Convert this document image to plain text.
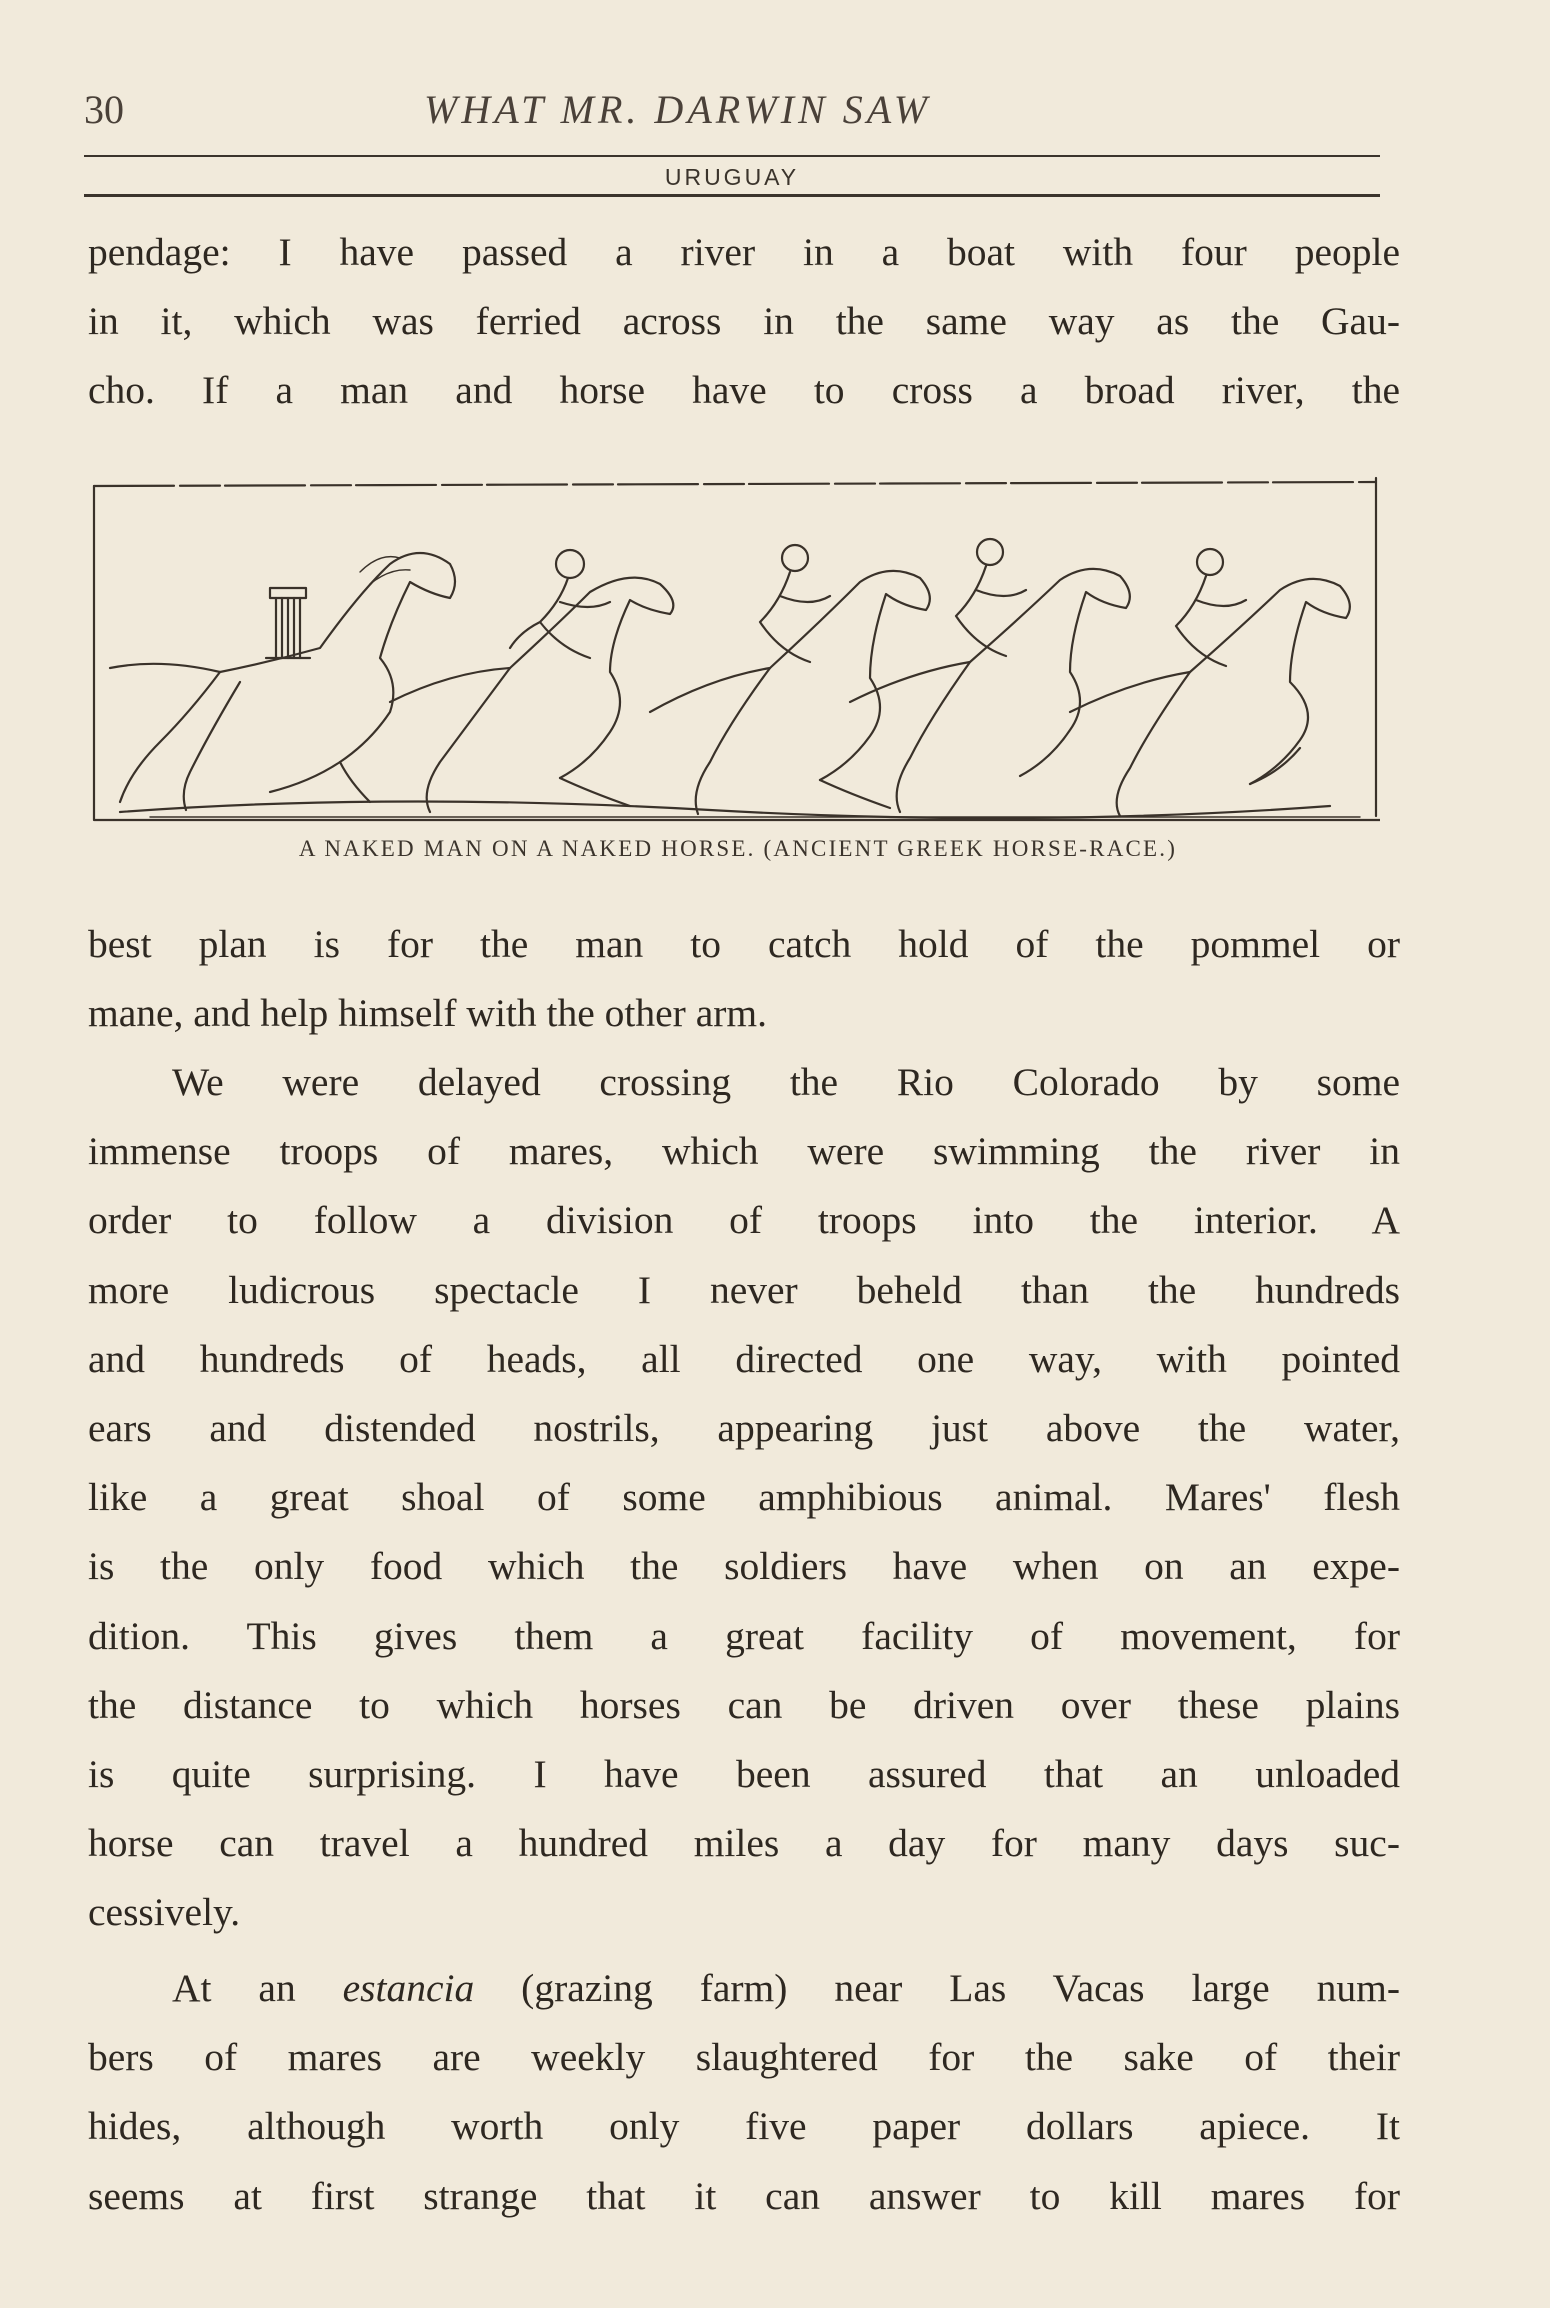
30	WHAT MR. DARWIN SAW
URUGUAY

pendage: I have passed a river in a boat with four people
in it, which was ferried across in the same way as the Gau-
cho. If a man and horse have to cross a broad river, the

A NAKED MAN ON A NAKED HORSE. (ANCIENT GREEK HORSE-RACE.)

best plan is for the man to catch hold of the pommel or
mane, and help himself with the other arm.

We were delayed crossing the Rio Colorado by some
immense troops of mares, which were swimming the river in
order to follow a division of troops into the interior. A
more ludicrous spectacle I never beheld than the hundreds
and hundreds of heads, all directed one way, with pointed
ears and distended nostrils, appearing just above the water,
like a great shoal of some amphibious animal. Mares' flesh
is the only food which the soldiers have when on an expe-
dition. This gives them a great facility of movement, for
the distance to which horses can be driven over these plains
is quite surprising. I have been assured that an unloaded
horse can travel a hundred miles a day for many days suc-
cessively.

At an estancia (grazing farm) near Las Vacas large num-
bers of mares are weekly slaughtered for the sake of their
hides, although worth only five paper dollars apiece. It
seems at first strange that it can answer to kill mares for
